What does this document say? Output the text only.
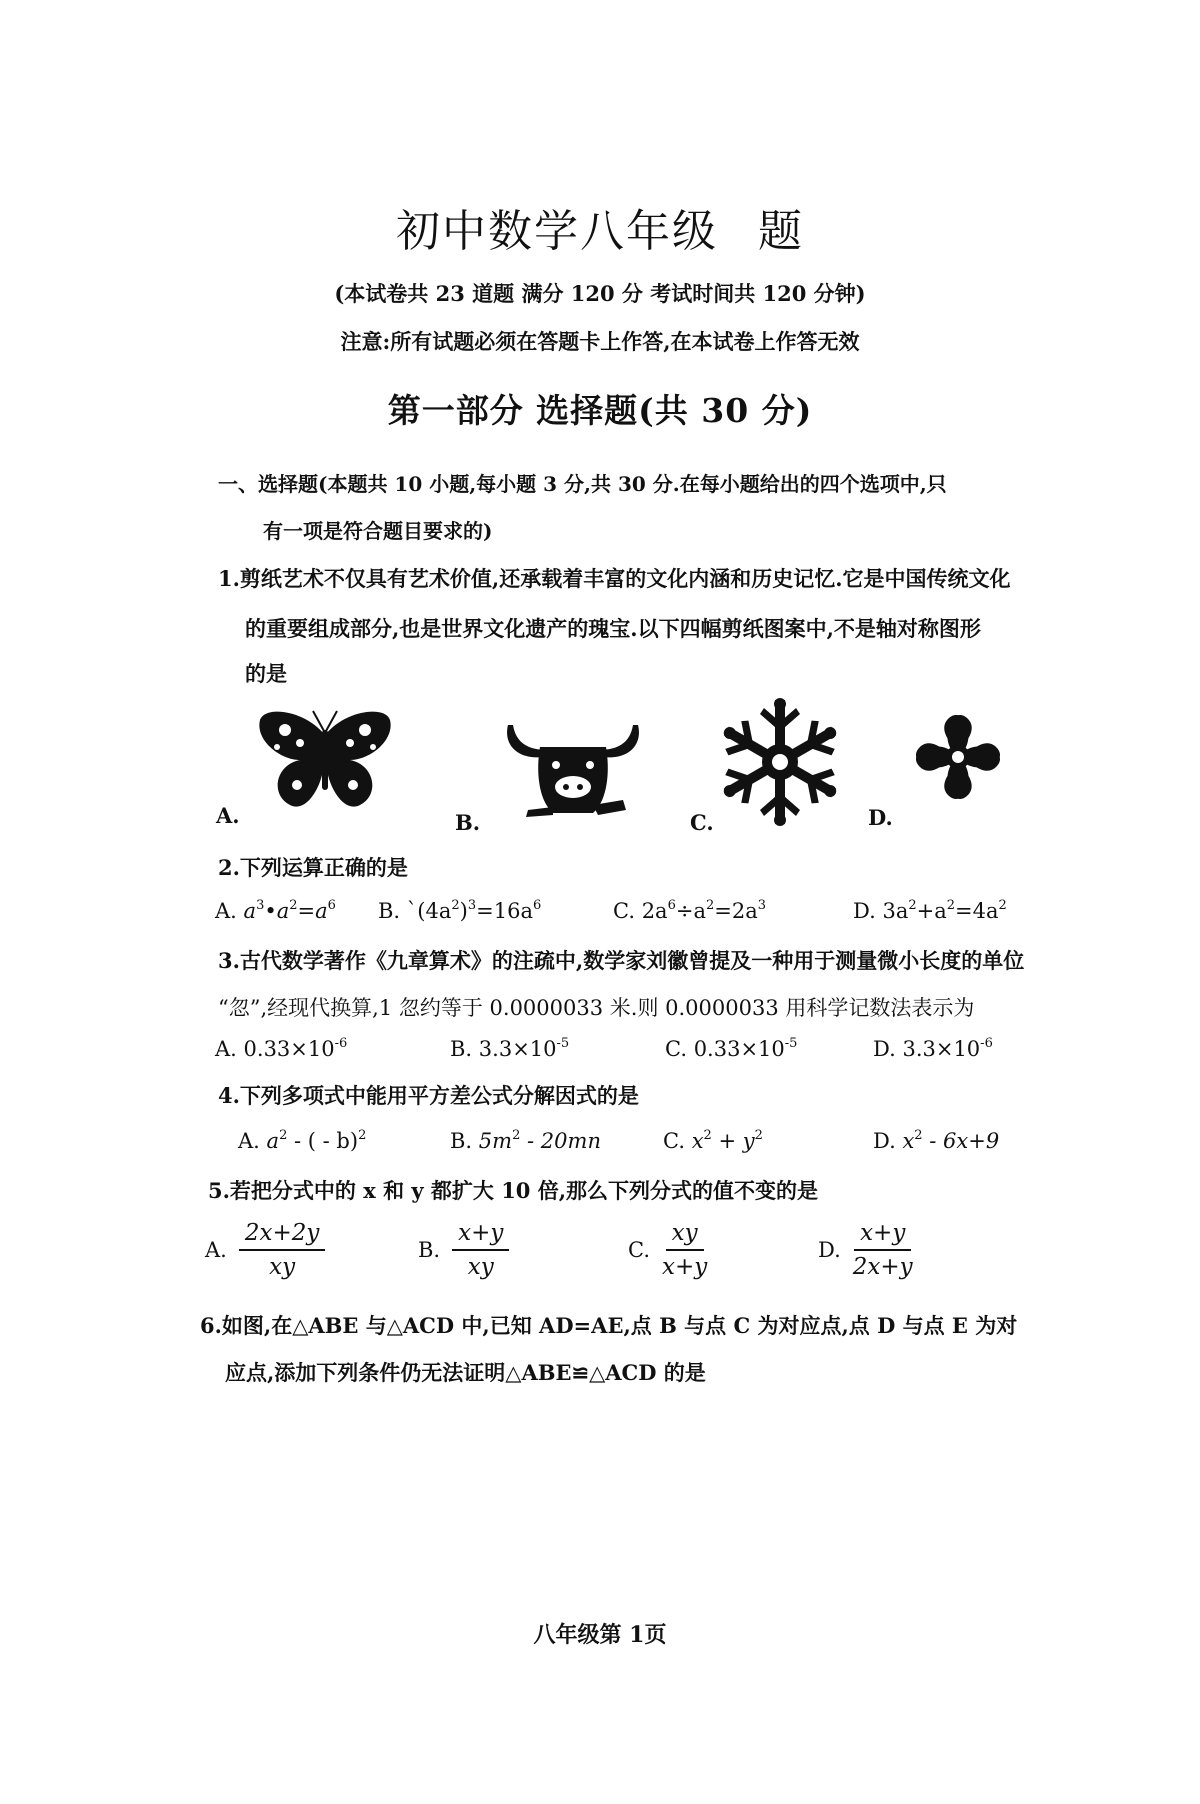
初中数学八年级 题
(本试卷共 23 道题 满分 120 分 考试时间共 120 分钟)
注意:所有试题必须在答题卡上作答,在本试卷上作答无效
第一部分 选择题(共 30 分)
一、选择题(本题共 10 小题,每小题 3 分,共 30 分.在每小题给出的四个选项中,只
有一项是符合题目要求的)
1.剪纸艺术不仅具有艺术价值,还承载着丰富的文化内涵和历史记忆.它是中国传统文化
的重要组成部分,也是世界文化遗产的瑰宝.以下四幅剪纸图案中,不是轴对称图形
的是
A.	B.	C.	D.
2.下列运算正确的是
A. $a^3•a^2=a^6$ B. $`(4a^2)^3=16a^6$	C. $2a^6\div a^2=2a^3$	D. $3a^2+a^2=4a^2$
3.古代数学著作《九章算术》的注疏中,数学家刘徽曾提及一种用于测量微小长度的单位
“忽”,经现代换算,1 忽约等于 0.0000033 米.则 0.0000033 用科学记数法表示为
A. $0.33\times 10^{-6}$	B. $3.3\times 10^{-5}$	C. $0.33\times 10^{-5}$	D. $3.3\times 10^{-6}$
4.下列多项式中能用平方差公式分解因式的是
A. $a^2$ - ( - b)$^2$	B. $5m^2 - 20mn$	C. $x^2 + y^2$	D. $x^2 - 6x+9$
5.若把分式中的 x 和 y 都扩大 10 倍,那么下列分式的值不变的是
A. $\frac{2x+2y}{xy}$	B. $\frac{x+y}{xy}$	C. $\frac{xy}{x+y}$	D. $\frac{x+y}{2x+y}$
6.如图,在△ABE 与△ACD 中,已知 AD=AE,点 B 与点 C 为对应点,点 D 与点 E 为对
应点,添加下列条件仍无法证明△ABE≌△ACD 的是
八年级第 1页
